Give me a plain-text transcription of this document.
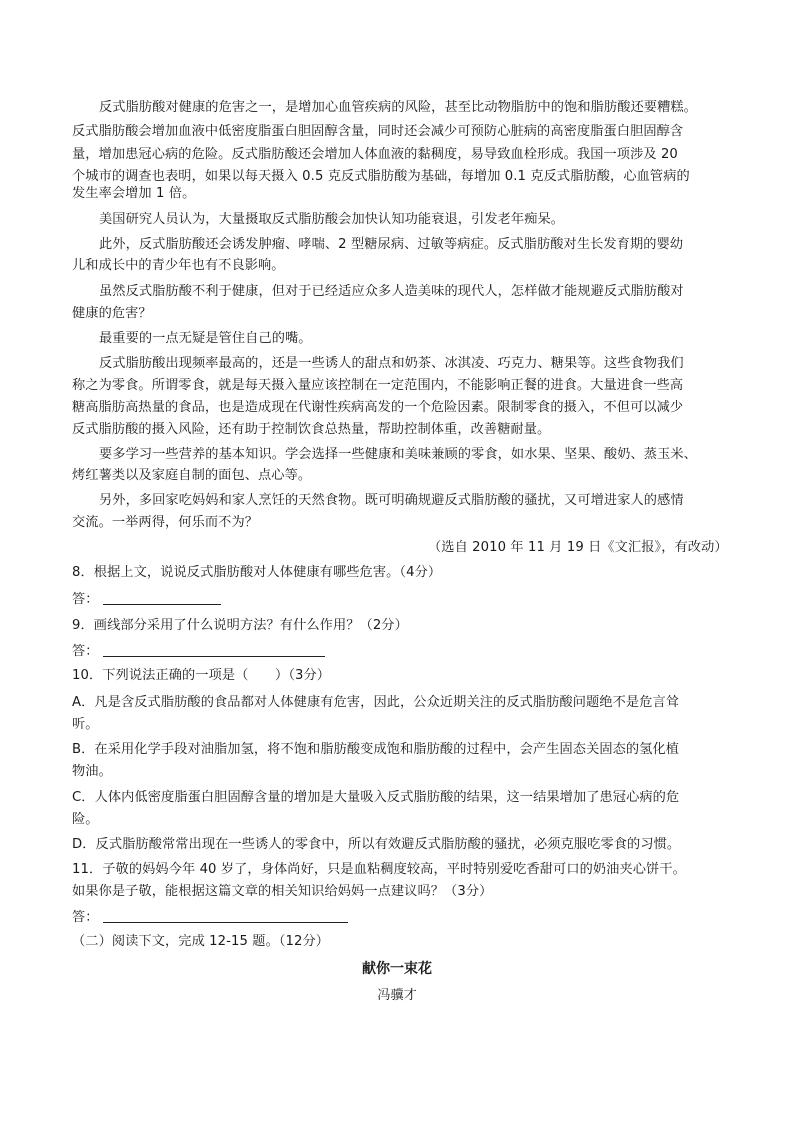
反式脂肪酸对健康的危害之一，是增加心血管疾病的风险，甚至比动物脂肪中的饱和脂肪酸还要糟糕。
反式脂肪酸会增加血液中低密度脂蛋白胆固醇含量，同时还会减少可预防心脏病的高密度脂蛋白胆固醇含
量，增加患冠心病的危险。反式脂肪酸还会增加人体血液的黏稠度，易导致血栓形成。我国一项涉及 20
个城市的调查也表明，如果以每天摄入 0.5 克反式脂肪酸为基础，每增加 0.1 克反式脂肪酸，心血管病的
发生率会增加 1 倍。
美国研究人员认为，大量摄取反式脂肪酸会加快认知功能衰退，引发老年痴呆。
此外，反式脂肪酸还会诱发肿瘤、哮喘、2 型糖尿病、过敏等病症。反式脂肪酸对生长发育期的婴幼
儿和成长中的青少年也有不良影响。
虽然反式脂肪酸不利于健康，但对于已经适应众多人造美味的现代人，怎样做才能规避反式脂肪酸对
健康的危害？
最重要的一点无疑是管住自己的嘴。
反式脂肪酸出现频率最高的，还是一些诱人的甜点和奶茶、冰淇凌、巧克力、糖果等。这些食物我们
称之为零食。所谓零食，就是每天摄入量应该控制在一定范围内，不能影响正餐的进食。大量进食一些高
糖高脂肪高热量的食品，也是造成现在代谢性疾病高发的一个危险因素。限制零食的摄入，不但可以减少
反式脂肪酸的摄入风险，还有助于控制饮食总热量，帮助控制体重，改善糖耐量。
要多学习一些营养的基本知识。学会选择一些健康和美味兼顾的零食，如水果、坚果、酸奶、蒸玉米、
烤红薯类以及家庭自制的面包、点心等。
另外，多回家吃妈妈和家人烹饪的天然食物。既可明确规避反式脂肪酸的骚扰，又可增进家人的感情
交流。一举两得，何乐而不为？
（选自 2010 年 11 月 19 日《文汇报》，有改动）
8．根据上文，说说反式脂肪酸对人体健康有哪些危害。（4分）
答：
9．画线部分采用了什么说明方法？有什么作用？（2分）
答：
10．下列说法正确的一项是（　　）（3分）
A．凡是含反式脂肪酸的食品都对人体健康有危害，因此，公众近期关注的反式脂肪酸问题绝不是危言耸
听。
B．在采用化学手段对油脂加氢，将不饱和脂肪酸变成饱和脂肪酸的过程中，会产生固态关固态的氢化植
物油。
C．人体内低密度脂蛋白胆固醇含量的增加是大量吸入反式脂肪酸的结果，这一结果增加了患冠心病的危
险。
D．反式脂肪酸常常出现在一些诱人的零食中，所以有效避反式脂肪酸的骚扰，必须克服吃零食的习惯。
11．子敬的妈妈今年 40 岁了，身体尚好，只是血粘稠度较高，平时特别爱吃香甜可口的奶油夹心饼干。
如果你是子敬，能根据这篇文章的相关知识给妈妈一点建议吗？（3分）
答：
（二）阅读下文，完成 12-15 题。（12分）
献你一束花
冯骥才
